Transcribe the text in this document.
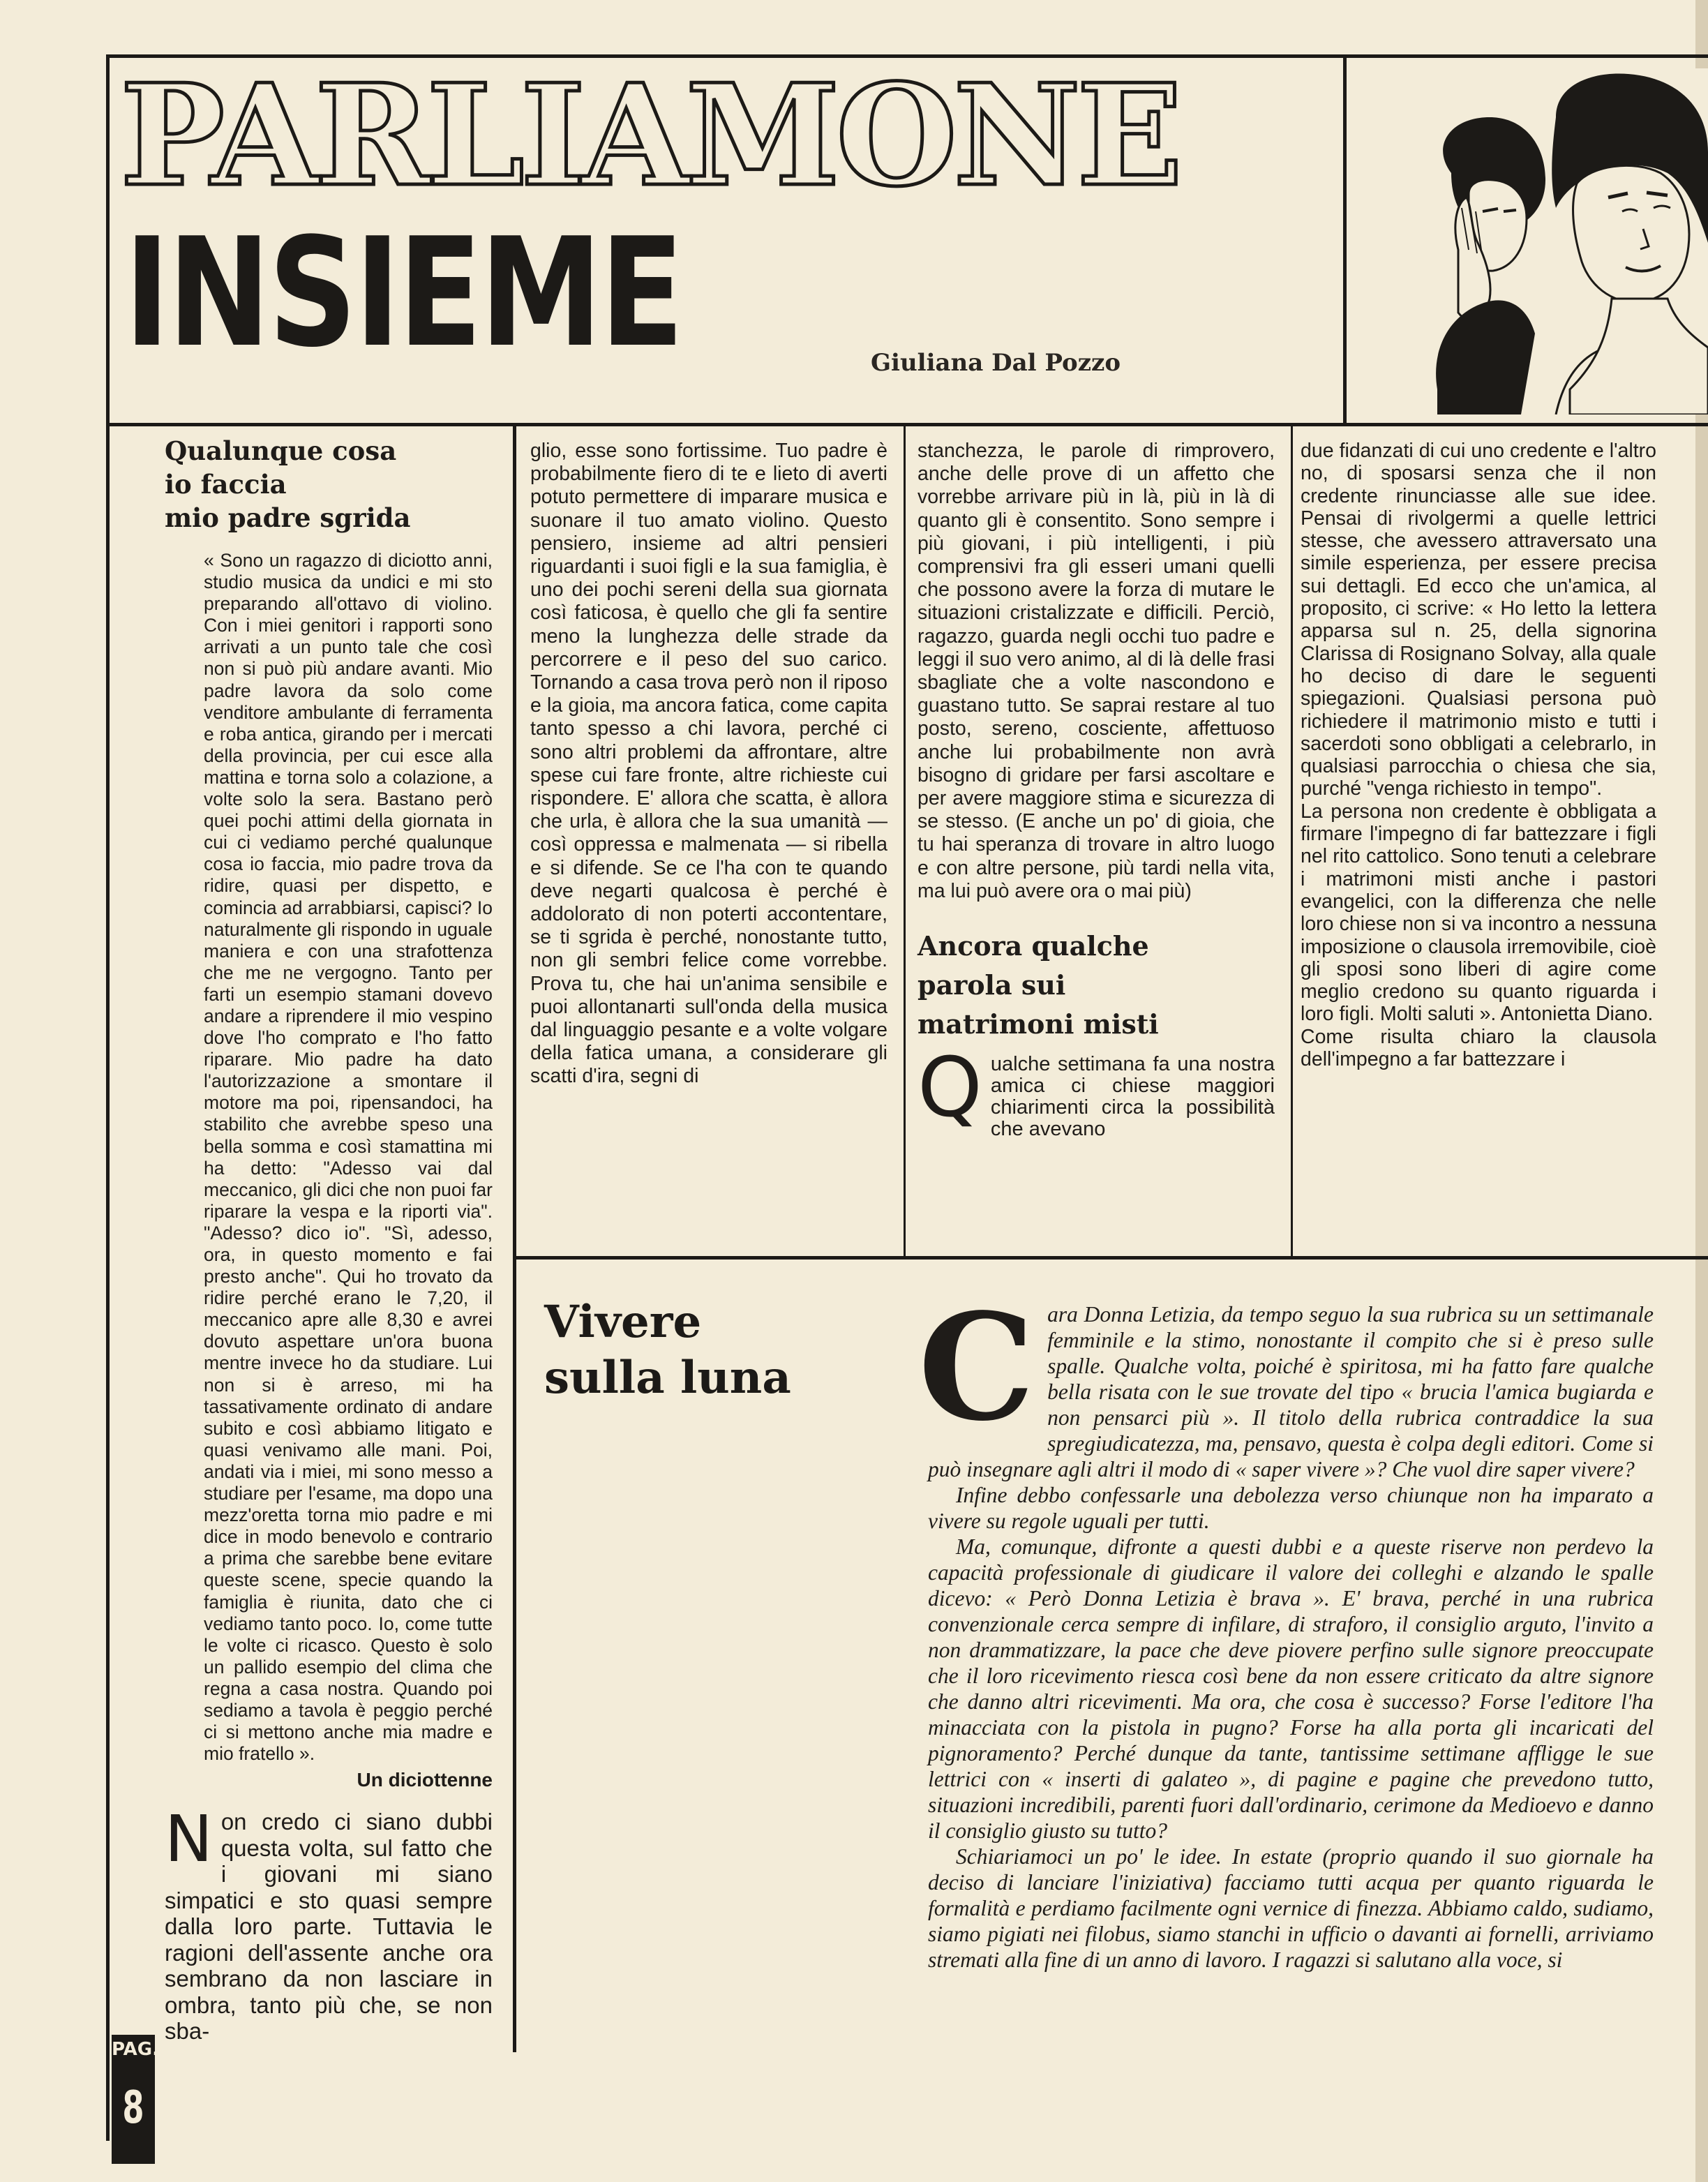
PARLIAMONE
INSIEME	Giuliana Dal Pozzo
Qualunque cosa
io faccia
mio padre sgrida

« Sono un ragazzo di diciotto anni, studio musica da undici e mi sto preparando all'ottavo di violino. Con i miei genitori i rapporti sono arrivati a un punto tale che così non si può più andare avanti. Mio padre lavora da solo come venditore ambulante di ferramenta e roba antica, girando per i mercati della provincia, per cui esce alla mattina e torna solo a colazione, a volte solo la sera. Bastano però quei pochi attimi della giornata in cui ci vediamo perché qualunque cosa io faccia, mio padre trova da ridire, quasi per dispetto, e comincia ad arrabbiarsi, capisci? Io naturalmente gli rispondo in uguale maniera e con una strafottenza che me ne vergogno. Tanto per farti un esempio stamani dovevo andare a riprendere il mio vespino dove l'ho comprato e l'ho fatto riparare. Mio padre ha dato l'autorizzazione a smontare il motore ma poi, ripensandoci, ha stabilito che avrebbe speso una bella somma e così stamattina mi ha detto: "Adesso vai dal meccanico, gli dici che non puoi far riparare la vespa e la riporti via". "Adesso? dico io". "Sì, adesso, ora, in questo momento e fai presto anche". Qui ho trovato da ridire perché erano le 7,20, il meccanico apre alle 8,30 e avrei dovuto aspettare un'ora buona mentre invece ho da studiare. Lui non si è arreso, mi ha tassativamente ordinato di andare subito e così abbiamo litigato e quasi venivamo alle mani. Poi, andati via i miei, mi sono messo a studiare per l'esame, ma dopo una mezz'oretta torna mio padre e mi dice in modo benevolo e contrario a prima che sarebbe bene evitare queste scene, specie quando la famiglia è riunita, dato che ci vediamo tanto poco. Io, come tutte le volte ci ricasco. Questo è solo un pallido esempio del clima che regna a casa nostra. Quando poi sediamo a tavola è peggio perché ci si mettono anche mia madre e mio fratello ».

Un diciottenne
N on credo ci siano dubbi questa volta, sul fatto che i giovani mi siano simpatici e sto quasi sempre dalla loro parte. Tuttavia le ragioni dell'assente anche ora sembrano da non lasciare in ombra, tanto più che, se non sba-

glio, esse sono fortissime. Tuo padre è probabilmente fiero di te e lieto di averti potuto permettere di imparare musica e suonare il tuo amato violino. Questo pensiero, insieme ad altri pensieri riguardanti i suoi figli e la sua famiglia, è uno dei pochi sereni della sua giornata così faticosa, è quello che gli fa sentire meno la lunghezza delle strade da percorrere e il peso del suo carico. Tornando a casa trova però non il riposo e la gioia, ma ancora fatica, come capita tanto spesso a chi lavora, perché ci sono altri problemi da affrontare, altre spese cui fare fronte, altre richieste cui rispondere. E' allora che scatta, è allora che urla, è allora che la sua umanità — così oppressa e malmenata — si ribella e si difende. Se ce l'ha con te quando deve negarti qualcosa è perché è addolorato di non poterti accontentare, se ti sgrida è perché, nonostante tutto, non gli sembri felice come vorrebbe. Prova tu, che hai un'anima sensibile e puoi allontanarti sull'onda della musica dal linguaggio pesante e a volte volgare della fatica umana, a considerare gli scatti d'ira, segni di

stanchezza, le parole di rimprovero, anche delle prove di un affetto che vorrebbe arrivare più in là, più in là di quanto gli è consentito. Sono sempre i più giovani, i più intelligenti, i più comprensivi fra gli esseri umani quelli che possono avere la forza di mutare le situazioni cristalizzate e difficili. Perciò, ragazzo, guarda negli occhi tuo padre e leggi il suo vero animo, al di là delle frasi sbagliate che a volte nascondono e guastano tutto. Se saprai restare al tuo posto, sereno, cosciente, affettuoso anche lui probabilmente non avrà bisogno di gridare per farsi ascoltare e per avere maggiore stima e sicurezza di se stesso. (E anche un po' di gioia, che tu hai speranza di trovare in altro luogo e con altre persone, più tardi nella vita, ma lui può avere ora o mai più)

Ancora qualche
parola sui
matrimoni misti
Q ualche settimana fa una nostra amica ci chiese maggiori chiarimenti circa la possibilità che avevano

due fidanzati di cui uno credente e l'altro no, di sposarsi senza che il non credente rinunciasse alle sue idee. Pensai di rivolgermi a quelle lettrici stesse, che avessero attraversato una simile esperienza, per essere precisa sui dettagli. Ed ecco che un'amica, al proposito, ci scrive: « Ho letto la lettera apparsa sul n. 25, della signorina Clarissa di Rosignano Solvay, alla quale ho deciso di dare le seguenti spiegazioni. Qualsiasi persona può richiedere il matrimonio misto e tutti i sacerdoti sono obbligati a celebrarlo, in qualsiasi parrocchia o chiesa che sia, purché "venga richiesto in tempo".

La persona non credente è obbligata a firmare l'impegno di far battezzare i figli nel rito cattolico. Sono tenuti a celebrare i matrimoni misti anche i pastori evangelici, con la differenza che nelle loro chiese non si va incontro a nessuna imposizione o clausola irremovibile, cioè gli sposi sono liberi di agire come meglio credono su quanto riguarda i loro figli. Molti saluti ». Antonietta Diano.

Come risulta chiaro la clausola dell'impegno a far battezzare i

Vivere
sulla luna C ara Donna Letizia, da tempo seguo la sua rubrica su un settimanale femminile e la stimo, nonostante il compito che si è preso sulle spalle. Qualche volta, poiché è spiritosa, mi ha fatto fare qualche bella risata con le sue trovate del tipo « brucia l'amica bugiarda e non pensarci più ». Il titolo della rubrica contraddice la sua spregiudicatezza, ma, pensavo, questa è colpa degli editori. Come si può insegnare agli altri il modo di « saper vivere »? Che vuol dire saper vivere?

Infine debbo confessarle una debolezza verso chiunque non ha imparato a vivere su regole uguali per tutti.

Ma, comunque, difronte a questi dubbi e a queste riserve non perdevo la capacità professionale di giudicare il valore dei colleghi e alzando le spalle dicevo: « Però Donna Letizia è brava ». E' brava, perché in una rubrica convenzionale cerca sempre di infilare, di straforo, il consiglio arguto, l'invito a non drammatizzare, la pace che deve piovere perfino sulle signore preoccupate che il loro ricevimento riesca così bene da non essere criticato da altre signore che danno altri ricevimenti. Ma ora, che cosa è successo? Forse l'editore l'ha minacciata con la pistola in pugno? Forse ha alla porta gli incaricati del pignoramento? Perché dunque da tante, tantissime settimane affligge le sue lettrici con « inserti di galateo », di pagine e pagine che prevedono tutto, situazioni incredibili, parenti fuori dall'ordinario, cerimone da Medioevo e danno il consiglio giusto su tutto?

Schiariamoci un po' le idee. In estate (proprio quando il suo giornale ha deciso di lanciare l'iniziativa) facciamo tutti acqua per quanto riguarda le formalità e perdiamo facilmente ogni vernice di finezza. Abbiamo caldo, sudiamo, siamo pigiati nei filobus, siamo stanchi in ufficio o davanti ai fornelli, arriviamo stremati alla fine di un anno di lavoro. I ragazzi si salutano alla voce, si

PAG.
8
